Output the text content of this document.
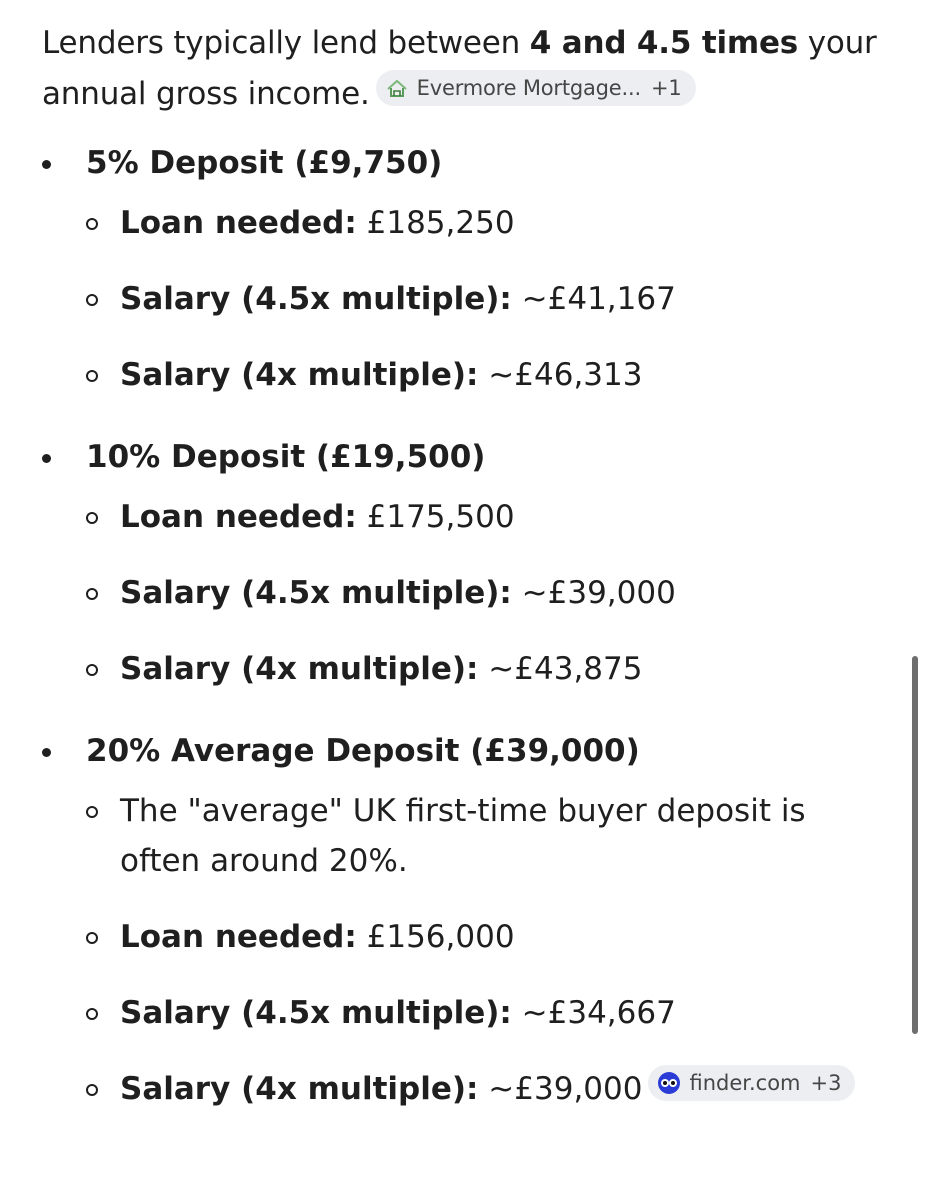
Lenders typically lend between 4 and 4.5 times your annual gross income. Evermore Mortgage... +1

5% Deposit (£9,750)
Loan needed: £185,250
Salary (4.5x multiple): ~£41,167
Salary (4x multiple): ~£46,313
10% Deposit (£19,500)
Loan needed: £175,500
Salary (4.5x multiple): ~£39,000
Salary (4x multiple): ~£43,875
20% Average Deposit (£39,000)
The "average" UK first-time buyer deposit is often around 20%.
Loan needed: £156,000
Salary (4.5x multiple): ~£34,667
Salary (4x multiple): ~£39,000 finder.com +3
